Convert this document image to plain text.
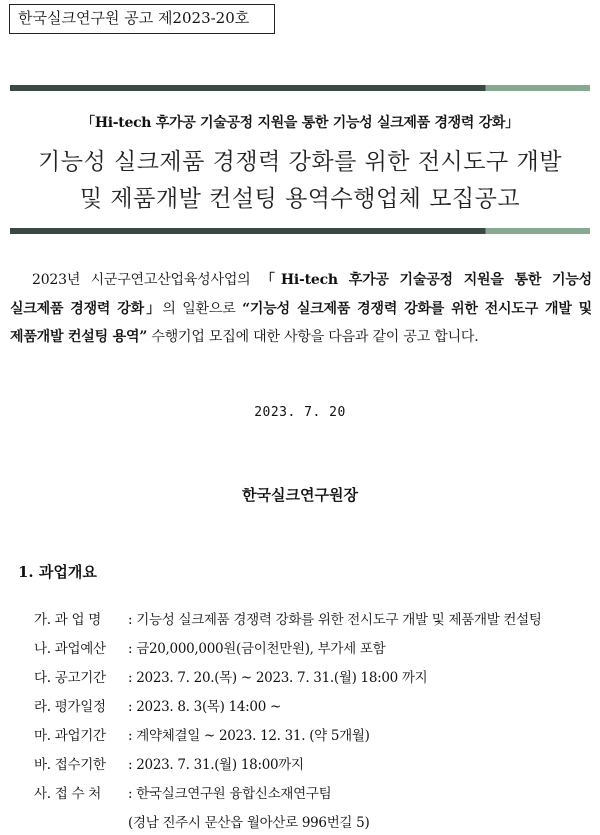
한국실크연구원 공고 제2023-20호
「Hi-tech 후가공 기술공정 지원을 통한 기능성 실크제품 경쟁력 강화」
기능성 실크제품 경쟁력 강화를 위한 전시도구 개발
및 제품개발 컨설팅 용역수행업체 모집공고
2023년 시군구연고산업육성사업의 「Hi-tech 후가공 기술공정 지원을 통한 기능성 실크제품 경쟁력 강화」의 일환으로 “기능성 실크제품 경쟁력 강화를 위한 전시도구 개발 및 제품개발 컨설팅 용역” 수행기업 모집에 대한 사항을 다음과 같이 공고 합니다.
2023. 7. 20
한국실크연구원장
1. 과업개요
가. 과 업 명	: 기능성 실크제품 경쟁력 강화를 위한 전시도구 개발 및 제품개발 컨설팅
나. 과업예산	: 금20,000,000원(금이천만원), 부가세 포함
다. 공고기간	: 2023. 7. 20.(목) ~ 2023. 7. 31.(월) 18:00 까지
라. 평가일정	: 2023. 8. 3(목) 14:00 ~
마. 과업기간	: 계약체결일 ~ 2023. 12. 31. (약 5개월)
바. 접수기한	: 2023. 7. 31.(월) 18:00까지
사. 접 수 처	: 한국실크연구원 융합신소재연구팀
(경남 진주시 문산읍 월아산로 996번길 5)
